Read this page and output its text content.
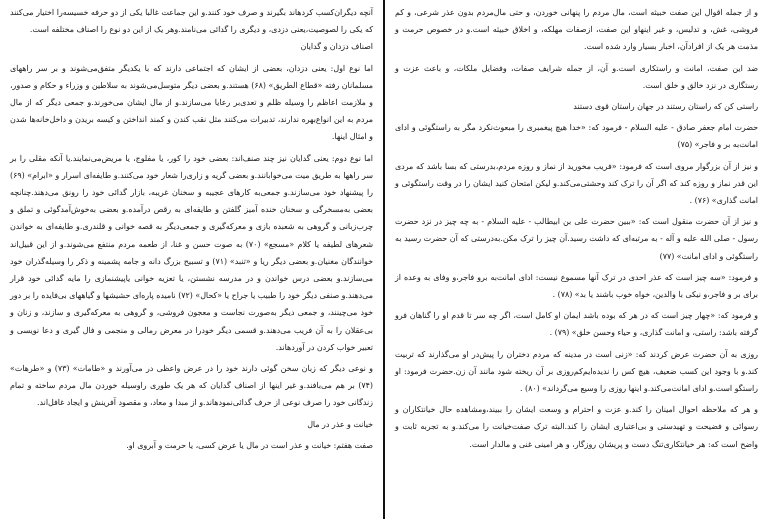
و از جمله اقوال این صفت خبیثه است، مال مردم را پنهانی خوردن، و حتی مال‌مردم بدون عذر شرعی، و کم فروشی، غش، و تدلیس، و غیر اینهاو این صفت، ازصفات مهلکه، و اخلاق خبیثه است.و در خصوص حرمت و مذمت هر یک از افرادآن، اخبار بسیار وارد شده است.

ضد این صفت، امانت و راستکاری است.و آن، از جمله شرایف صفات، وفضایل ملکات، و باعث عزت و رستگاری در نزد خالق و خلق است.

راستی کن که راستان رستند در جهان راستان قوی دستند

حضرت امام جعفر صادق - علیه السلام - فرمود که: «خدا هیچ پیغمبری را مبعوث‌نکرد مگر به راستگوئی و ادای امانت‌به بر و فاجر» (۷۵)

و نیز از آن بزرگوار مروی است که فرمود: «فریب مخورید از نماز و روزه مردم،بدرستی که بسا باشد که مردی این قدر نماز و روزه کند که اگر آن را ترک کند وحشتی‌می‌کند.و لیکن امتحان کنید ایشان را در وقت راستگوئی و امانت گذاری» (۷۶) .

و نیز از آن حضرت منقول است که: «ببین حضرت علی بن ابیطالب - علیه السلام - به چه چیز در نزد حضرت رسول - صلی الله علیه و آله - به مرتبه‌ای که داشت رسید.آن چیز را ترک مکن.به‌درستی که آن حضرت رسید به راستگوئی و ادای امانت» (۷۷)

و فرمود: «سه چیز است که عذر احدی در ترک آنها مسموع نیست: ادای امانت‌به برو فاجر،و وفای به وعده از برای بر و فاجر،و نیکی با والدین، خواه خوب باشند یا بد» (۷۸) .

و فرمود که: «چهار چیز است که در هر که بوده باشد ایمان او کامل است، اگر چه سر تا قدم او را گناهان فرو گرفته باشد: راستی، و امانت گذاری، و حیاء وحسن خلق» (۷۹) .

روزی به آن حضرت عرض کردند که: «زنی است در مدینه که مردم دختران را پیش‌در او می‌گذارند که تربیت کند.و با وجود این کسب ضعیف، هیچ کس را ندیده‌ایم‌کم‌روزی بر آن ریخته شود مانند آن زن.حضرت فرمود: او راستگو است.و ادای امانت‌می‌کند.و اینها روزی را وسیع می‌گرداند» (۸۰) .

و هر که ملاحظه احوال امینان را کند.و عزت و احترام و وسعت ایشان را ببیند،ومشاهده حال خیانتکاران و رسوائی و فضیحت و تهیدستی و بی‌اعتباری ایشان را کند.البته ترک صفت‌خیانت را می‌کند.و به تجربه ثابت و واضح است که: هر خیانتکاری‌تنگ دست و پریشان روزگار، و هر امینی غنی و مالدار است.

آنچه دیگران‌کسب کردهاند بگیرند و صرف خود کنند.و این جماعت غالبا یکی از دو حرفه خسیسه‌را اختیار می‌کنند که یکی را لصوصیت،یعنی دزدی، و دیگری را گدائی می‌نامند.وهر یک از این دو نوع را اصناف مختلفه است.

اصناف دزدان و گدایان

اما نوع اول: یعنی دزدان، بعضی از ایشان که اجتماعی دارند که با یکدیگر متفق‌می‌شوند و بر سر راههای مسلمانان رفته «قطاع الطریق» (۶۸) هستند.و بعضی دیگر متوسل‌می‌شوند به سلاطین و وزراء و حکام و صدور، و ملازمت اعاظم را وسیله ظلم و تعدی‌بر رعایا می‌سازند.و از مال ایشان می‌خورند.و جمعی دیگر که از مال مردم به این انواع‌بهره ندارند، تدبیرات می‌کنند مثل نقب کندن و کمند انداختن و کیسه بریدن و داخل‌خانه‌ها شدن و امثال اینها.

اما نوع دوم: یعنی گدایان نیز چند صنف‌اند: بعضی خود را کور، یا مفلوج، یا مریض‌می‌نمایند.یا آنکه مقلی را بر سر راهها به طریق میت می‌خوابانند.و بعضی گریه و زاری‌را شعار خود می‌کنند.و طایفه‌ای اسرار و «ابرام» (۶۹) را پیشنهاد خود می‌سازند.و جمعی‌به کارهای عجیبه و سخنان غریبه، بازار گدائی خود را رونق می‌دهند.چنانچه بعضی به‌مسخرگی و سخنان خنده آمیز گلفتن و طایفه‌ای به رقص درآمده.و بعضی به‌خوش‌آمدگوئی و تملق و چرب‌زبانی و گروهی به شعبده بازی و معرکه‌گیری و جمعی‌دیگر به قصه خوانی و قلندری.و طایفه‌ای به خواندن شعرهای لطیفه یا کلام «مسجع» (۷۰) به صوت حسن و غنا، از طعمه مردم منتفع می‌شوند.و از این قبیل‌اند خوانندگان مغنیان.و بعضی دیگر ریا و «تنبد» (۷۱) و تسبیح بزرگ دانه و جامه پشمینه و ذکر را وسیله‌گذران خود می‌سازند.و بعضی درس خواندن و در مدرسه نشستن، یا تعزیه خوانی یاپیشنمازی را مایه گدائی خود قرار می‌دهند.و صنفی دیگر خود را طبیب یا جراح یا «کحال» (۷۲) نامیده پاره‌ای حشیشها و گیاههای بی‌فایده را بر دور خود می‌چینند، و جمعی دیگر به‌صورت نجاست و معجون فروشی، و گروهی به معرکه‌گیری و سازند، و زنان و بی‌عقلان را به آن فریب می‌دهند.و قسمی دیگر خودرا در معرض رمالی و منجمی و فال گیری و دعا نویسی و تعبیر خواب کردن در آوردهاند.

و نوعی دیگر که زبان سخن گوئی دارند خود را در عرض واعظی در می‌آورند و «طامات» (۷۳) و «طرهات» (۷۴) بر هم می‌بافند.و غیر اینها از اصناف گدایان که هر یک طوری راوسیله خوردن مال مردم ساخته و تمام زندگانی خود را صرف نوعی از حرف گدائی‌نمودهاند.و از مبدا و معاد، و مقصود آفرینش و ایجاد غافل‌اند.

خیانت و عذر در مال

صفت هفتم: خیانت و عذر است در مال یا عرض کسی، یا حرمت و آبروی او.
